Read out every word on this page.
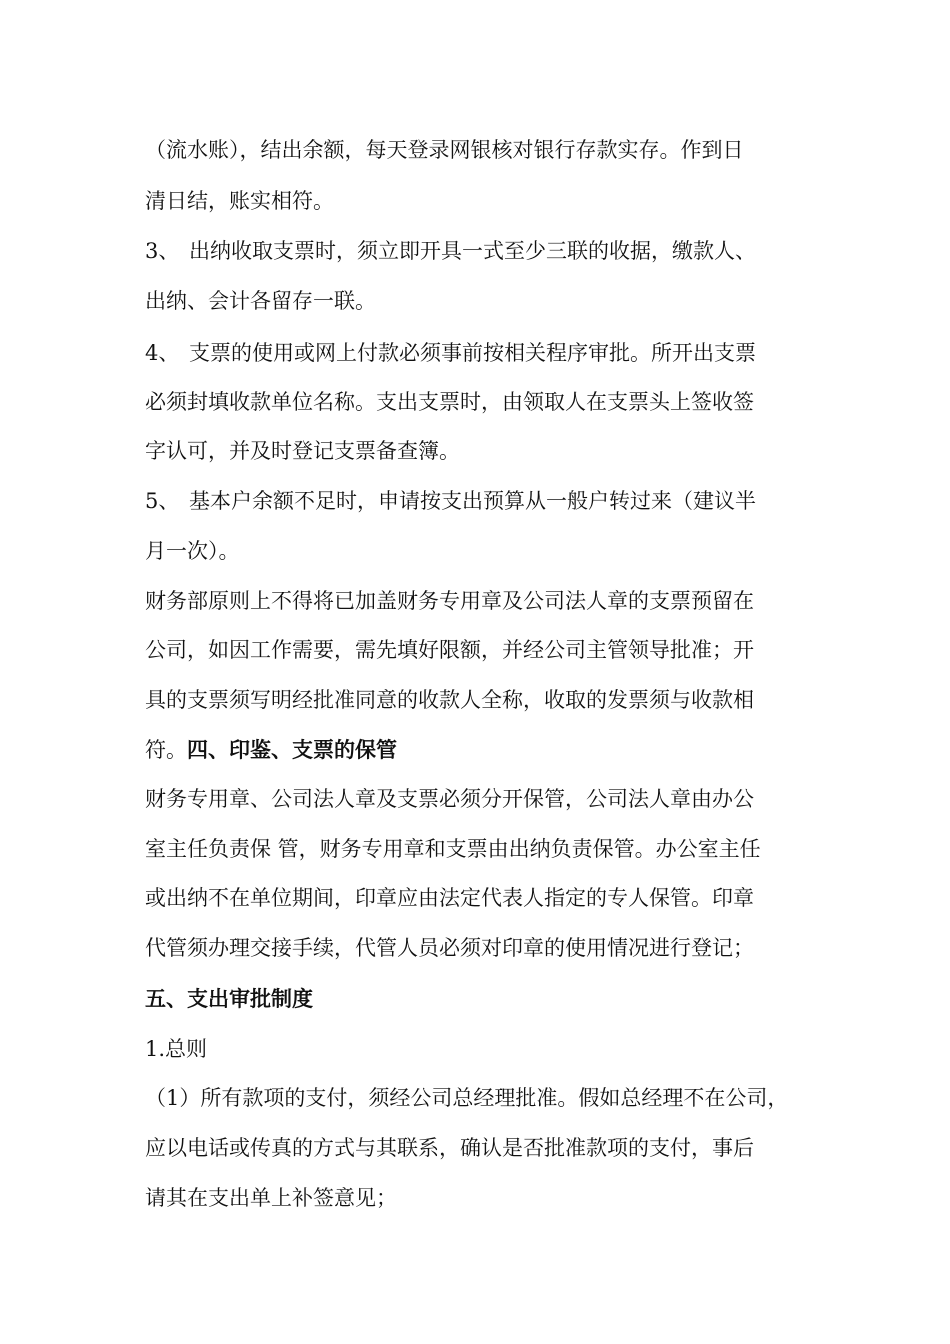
（流水账），结出余额，每天登录网银核对银行存款实存。作到日
清日结，账实相符。
3、 出纳收取支票时，须立即开具一式至少三联的收据，缴款人、
出纳、会计各留存一联。
4、 支票的使用或网上付款必须事前按相关程序审批。所开出支票
必须封填收款单位名称。支出支票时，由领取人在支票头上签收签
字认可，并及时登记支票备查簿。
5、 基本户余额不足时，申请按支出预算从一般户转过来（建议半
月一次）。
财务部原则上不得将已加盖财务专用章及公司法人章的支票预留在
公司，如因工作需要，需先填好限额，并经公司主管领导批准；开
具的支票须写明经批准同意的收款人全称，收取的发票须与收款相
符。四、印鉴、支票的保管
财务专用章、公司法人章及支票必须分开保管，公司法人章由办公
室主任负责保 管，财务专用章和支票由出纳负责保管。办公室主任
或出纳不在单位期间，印章应由法定代表人指定的专人保管。印章
代管须办理交接手续，代管人员必须对印章的使用情况进行登记；
五、支出审批制度
1.总则
（1）所有款项的支付，须经公司总经理批准。假如总经理不在公司，
应以电话或传真的方式与其联系，确认是否批准款项的支付，事后
请其在支出单上补签意见；
